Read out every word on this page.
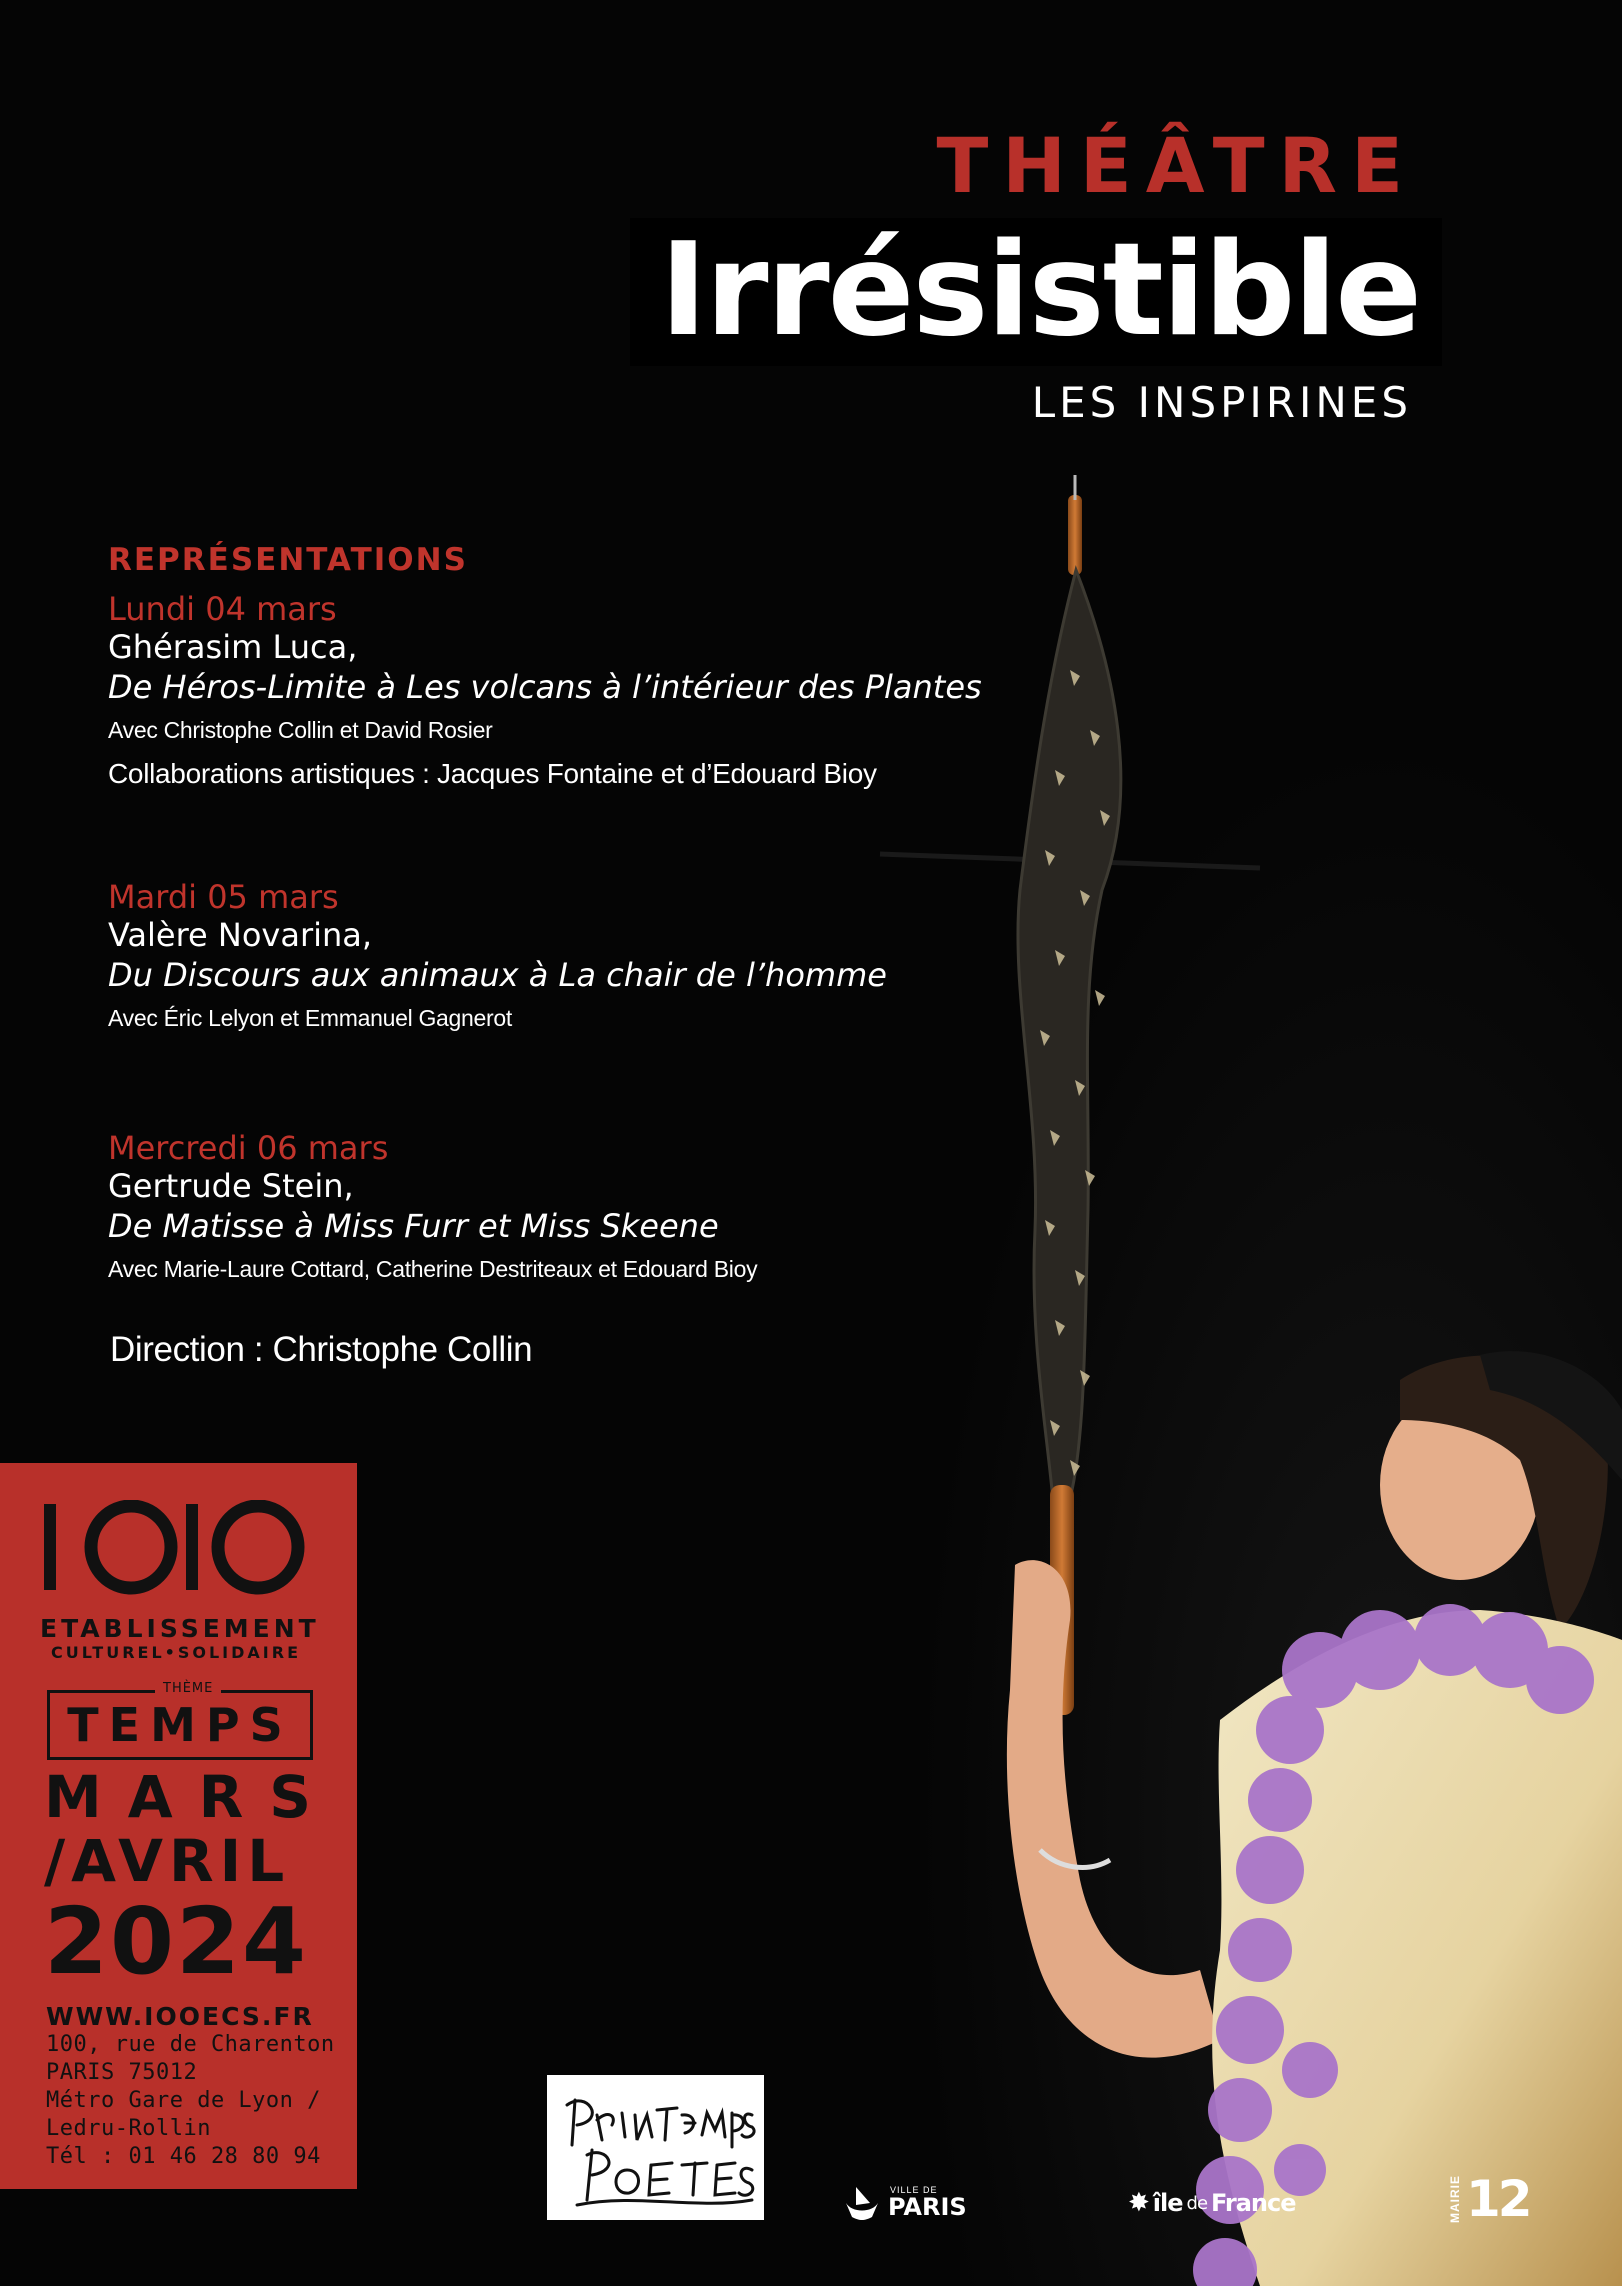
THÉÂTRE
Irrésistible
LES INSPIRINES
REPRÉSENTATIONS
Lundi 04 mars
Ghérasim Luca,
De Héros-Limite à Les volcans à l’intérieur des Plantes
Avec Christophe Collin et David Rosier
Collaborations artistiques : Jacques Fontaine et d’Edouard Bioy
Mardi 05 mars
Valère Novarina,
Du Discours aux animaux à La chair de l’homme
Avec Éric Lelyon et Emmanuel Gagnerot
Mercredi 06 mars
Gertrude Stein,
De Matisse à Miss Furr et Miss Skeene
Avec Marie-Laure Cottard, Catherine Destriteaux et Edouard Bioy
Direction : Christophe Collin
IOO
ETABLISSEMENT
CULTUREL•SOLIDAIRE
THÈME
TEMPS
MARS
/AVRIL
2024
WWW.IOOECS.FR
100, rue de Charenton
PARIS 75012
Métro Gare de Lyon /
Ledru-Rollin
Tél : 01 46 28 80 94
VILLE DE
PARIS	✸ île de France	MAIRIE 12
